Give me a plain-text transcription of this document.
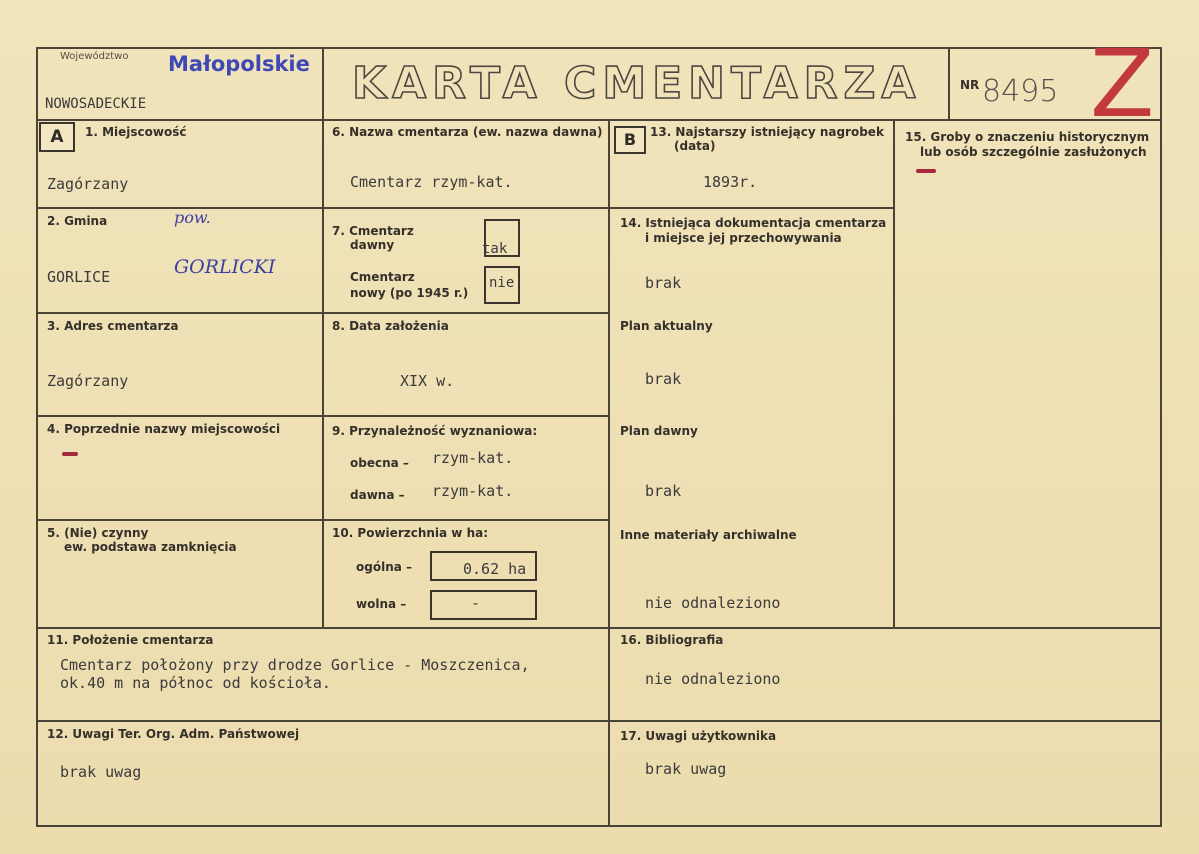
Województwo Małopolskie
NOWOSADECKIE	KARTA CMENTARZA	NR 8495 Z
A	1. Miejscowość
Zagórzany
2. Gmina	pow.
GORLICE	GORLICKI
3. Adres cmentarza
Zagórzany
4. Poprzednie nazwy miejscowości
5. (Nie) czynny
ew. podstawa zamknięcia
6. Nazwa cmentarza (ew. nazwa dawna)
Cmentarz rzym-kat.
7. Cmentarz
dawny	tak
Cmentarz
nowy (po 1945 r.)
nie
8. Data założenia
XIX w.
9. Przynależność wyznaniowa:
obecna – rzym-kat.
dawna – rzym-kat.
10. Powierzchnia w ha:
ogólna –	0.62 ha
wolna –	-
11. Położenie cmentarza
Cmentarz położony przy drodze Gorlice - Moszczenica,
ok.40 m na północ od kościoła.
12. Uwagi Ter. Org. Adm. Państwowej
brak uwag
B	13. Najstarszy istniejący nagrobek
(data)
1893r.
14. Istniejąca dokumentacja cmentarza
i miejsce jej przechowywania
brak
Plan aktualny
brak
Plan dawny
brak
Inne materiały archiwalne
nie odnaleziono
15. Groby o znaczeniu historycznym
lub osób szczególnie zasłużonych
16. Bibliografia
nie odnaleziono
17. Uwagi użytkownika
brak uwag
